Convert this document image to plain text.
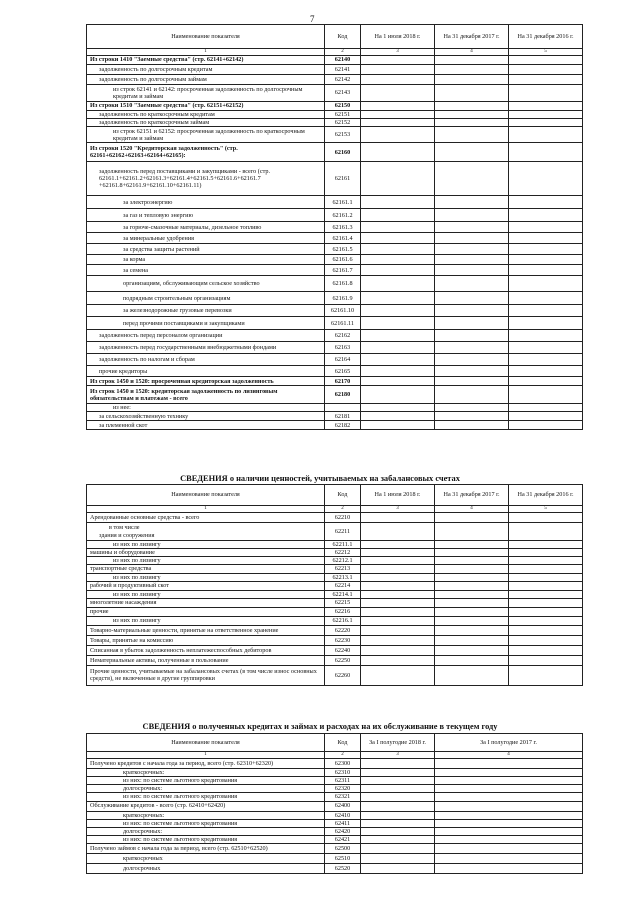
7
Наименование показателя	Код	На 1 июля 2018 г.	На 31 декабря 2017 г.	На 31 декабря 2016 г.
1	2	3	4	5
Из строки 1410 "Заемные средства" (стр. 62141+62142)	62140			
задолженность по долгосрочным кредитам	62141			
задолженность по долгосрочным займам	62142			
из строк 62141 и 62142: просроченная задолженность по долгосрочным кредитам и займам	62143			
Из строки 1510 "Заемные средства" (стр. 62151+62152)	62150			
задолженность по краткосрочным кредитам	62151			
задолженность по краткосрочным займам	62152			
из строк 62151 и 62152: просроченная задолженность по краткосрочным кредитам и займам	62153			
Из строки 1520 "Кредиторская задолженность" (стр. 62161+62162+62163+62164+62165):	62160			
задолженность перед поставщиками и закупщиками - всего (стр. 62161.1+62161.2+62161.3+62161.4+62161.5+62161.6+62161.7 +62161.8+62161.9+62161.10+62161.11)	62161			
за электроэнергию	62161.1			
за газ и тепловую энергию	62161.2			
за горюче-смазочные материалы, дизельное топливо	62161.3			
за минеральные удобрения	62161.4			
за средства защиты растений	62161.5			
за корма	62161.6			
за семена	62161.7			
организациям, обслуживающим сельское хозяйство	62161.8			
подрядным строительным организациям	62161.9			
за железнодорожные грузовые перевозки	62161.10			
перед прочими поставщиками и закупщиками	62161.11			
задолженность перед персоналом организации	62162			
задолженность перед государственными внебюджетными фондами	62163			
задолженность по налогам и сборам	62164			
прочие кредиторы	62165			
Из строк 1450 и 1520: просроченная кредиторская задолженность	62170			
Из строк 1450 и 1520: кредиторская задолженность по лизинговым обязательствам и платежам - всего	62180			
из нее:				
за сельскохозяйственную технику	62181			
за племенной скот	62182			
СВЕДЕНИЯ о наличии ценностей, учитываемых на забалансовых счетах
Наименование показателя	Код	На 1 июля 2018 г.	На 31 декабря 2017 г.	На 31 декабря 2016 г.
1	2	3	4	5
Арендованные основные средства - всего	62210			

в том числе
здания и сооружения	62211			
из них по лизингу	62211.1			
машины и оборудование	62212			
из них по лизингу	62212.1			
транспортные средства	62213			
из них по лизингу	62213.1			
рабочий и продуктивный скот	62214			
из них по лизингу	62214.1			
многолетние насаждения	62215			
прочие	62216			
из них по лизингу	62216.1			
Товарно-материальные ценности, принятые на ответственное хранение	62220			
Товары, принятые на комиссию	62230			
Списанная в убыток задолженность неплатежеспособных дебиторов	62240			
Нематериальные активы, полученные в пользование	62250			
Прочие ценности, учитываемые на забалансовых счетах (в том числе износ основных средств), не включенные в другие группировки	62260			
СВЕДЕНИЯ о полученных кредитах и займах и расходах на их обслуживание в текущем году
Наименование показателя	Код	За I полугодие 2018 г.	За I полугодие 2017 г.
1	2	3	4
Получено кредитов с начала года за период, всего (стр. 62310+62320)	62300		
краткосрочных:	62310		
из них: по системе льготного кредитования	62311		
долгосрочных:	62320		
из них: по системе льготного кредитования	62321		
Обслуживание кредитов - всего (стр. 62410+62420)	62400		
краткосрочных:	62410		
из них: по системе льготного кредитования	62411		
долгосрочных:	62420		
из них: по системе льготного кредитования	62421		
Получено займов с начала года за период, всего (стр. 62510+62520)	62500		
краткосрочных	62510		
долгосрочных	62520		
